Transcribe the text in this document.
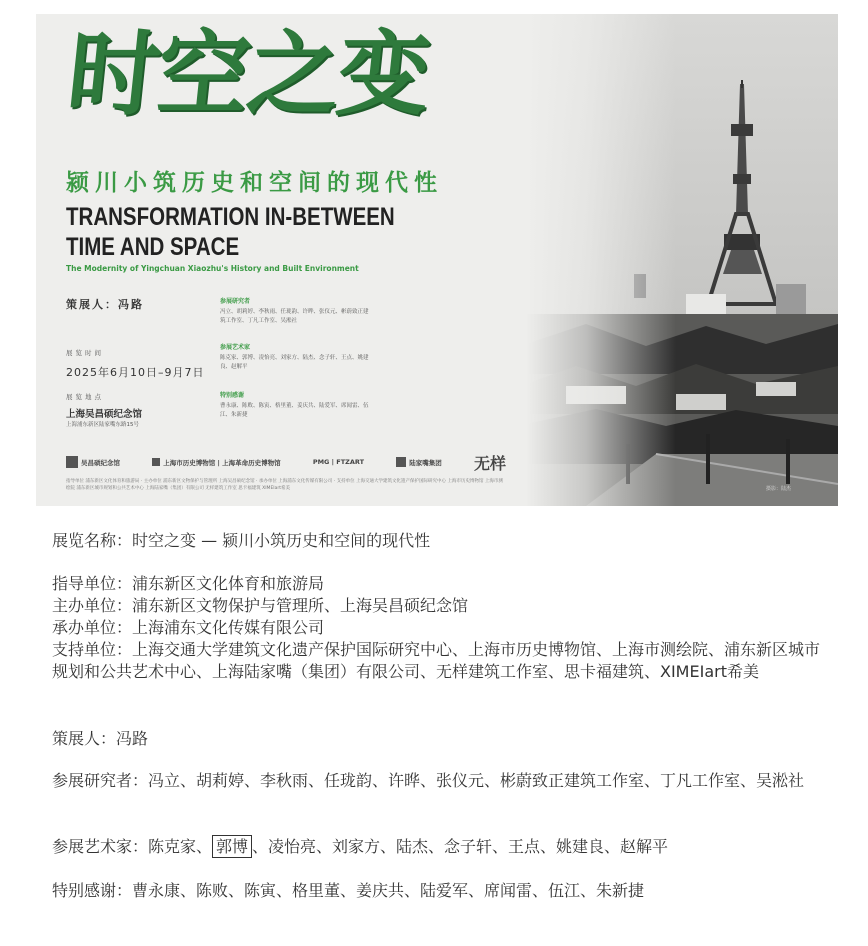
摄影：陆杰
时空之变
颍川小筑历史和空间的现代性
TRANSFORMATION IN-BETWEEN
TIME AND SPACE
The Modernity of Yingchuan Xiaozhu's History and Built Environment
策展人：冯路
展览时间
2025年6月10日–9月7日
展览地点
上海吴昌硕纪念馆
上海浦东新区陆家嘴东路15号
参展研究者
冯立、胡莉婷、李秋雨、任珑韵、许晔、张仪元、彬蔚致正建筑工作室、丁凡工作室、吴淞社
参展艺术家
陈克家、郭博、凌怡亮、刘家方、陆杰、念子轩、王点、姚建良、赵解平
特别感谢
曹永康、陈败、陈寅、格里董、姜庆共、陆爱军、席闻雷、伍江、朱新捷
吴昌硕纪念馆	上海市历史博物馆 | 上海革命历史博物馆	PMG | FTZART	陆家嘴集团 无样
指导单位 浦东新区文化体育和旅游局 · 主办单位 浦东新区文物保护与管理所 上海吴昌硕纪念馆 · 承办单位 上海浦东文化传媒有限公司 · 支持单位 上海交通大学建筑文化遗产保护国际研究中心 上海市历史博物馆 上海市测绘院 浦东新区城市规划和公共艺术中心 上海陆家嘴（集团）有限公司 无样建筑工作室 思卡福建筑 XIMEIart希美
展览名称：时空之变 — 颍川小筑历史和空间的现代性
指导单位：浦东新区文化体育和旅游局
主办单位：浦东新区文物保护与管理所、上海吴昌硕纪念馆
承办单位：上海浦东文化传媒有限公司
支持单位：上海交通大学建筑文化遗产保护国际研究中心、上海市历史博物馆、上海市测绘院、浦东新区城市规划和公共艺术中心、上海陆家嘴（集团）有限公司、无样建筑工作室、思卡福建筑、XIMEIart希美
策展人：冯路
参展研究者：冯立、胡莉婷、李秋雨、任珑韵、许晔、张仪元、彬蔚致正建筑工作室、丁凡工作室、吴淞社
参展艺术家：陈克家、 郭博 、凌怡亮、刘家方、陆杰、念子轩、王点、姚建良、赵解平
特别感谢：曹永康、陈败、陈寅、格里董、姜庆共、陆爱军、席闻雷、伍江、朱新捷
